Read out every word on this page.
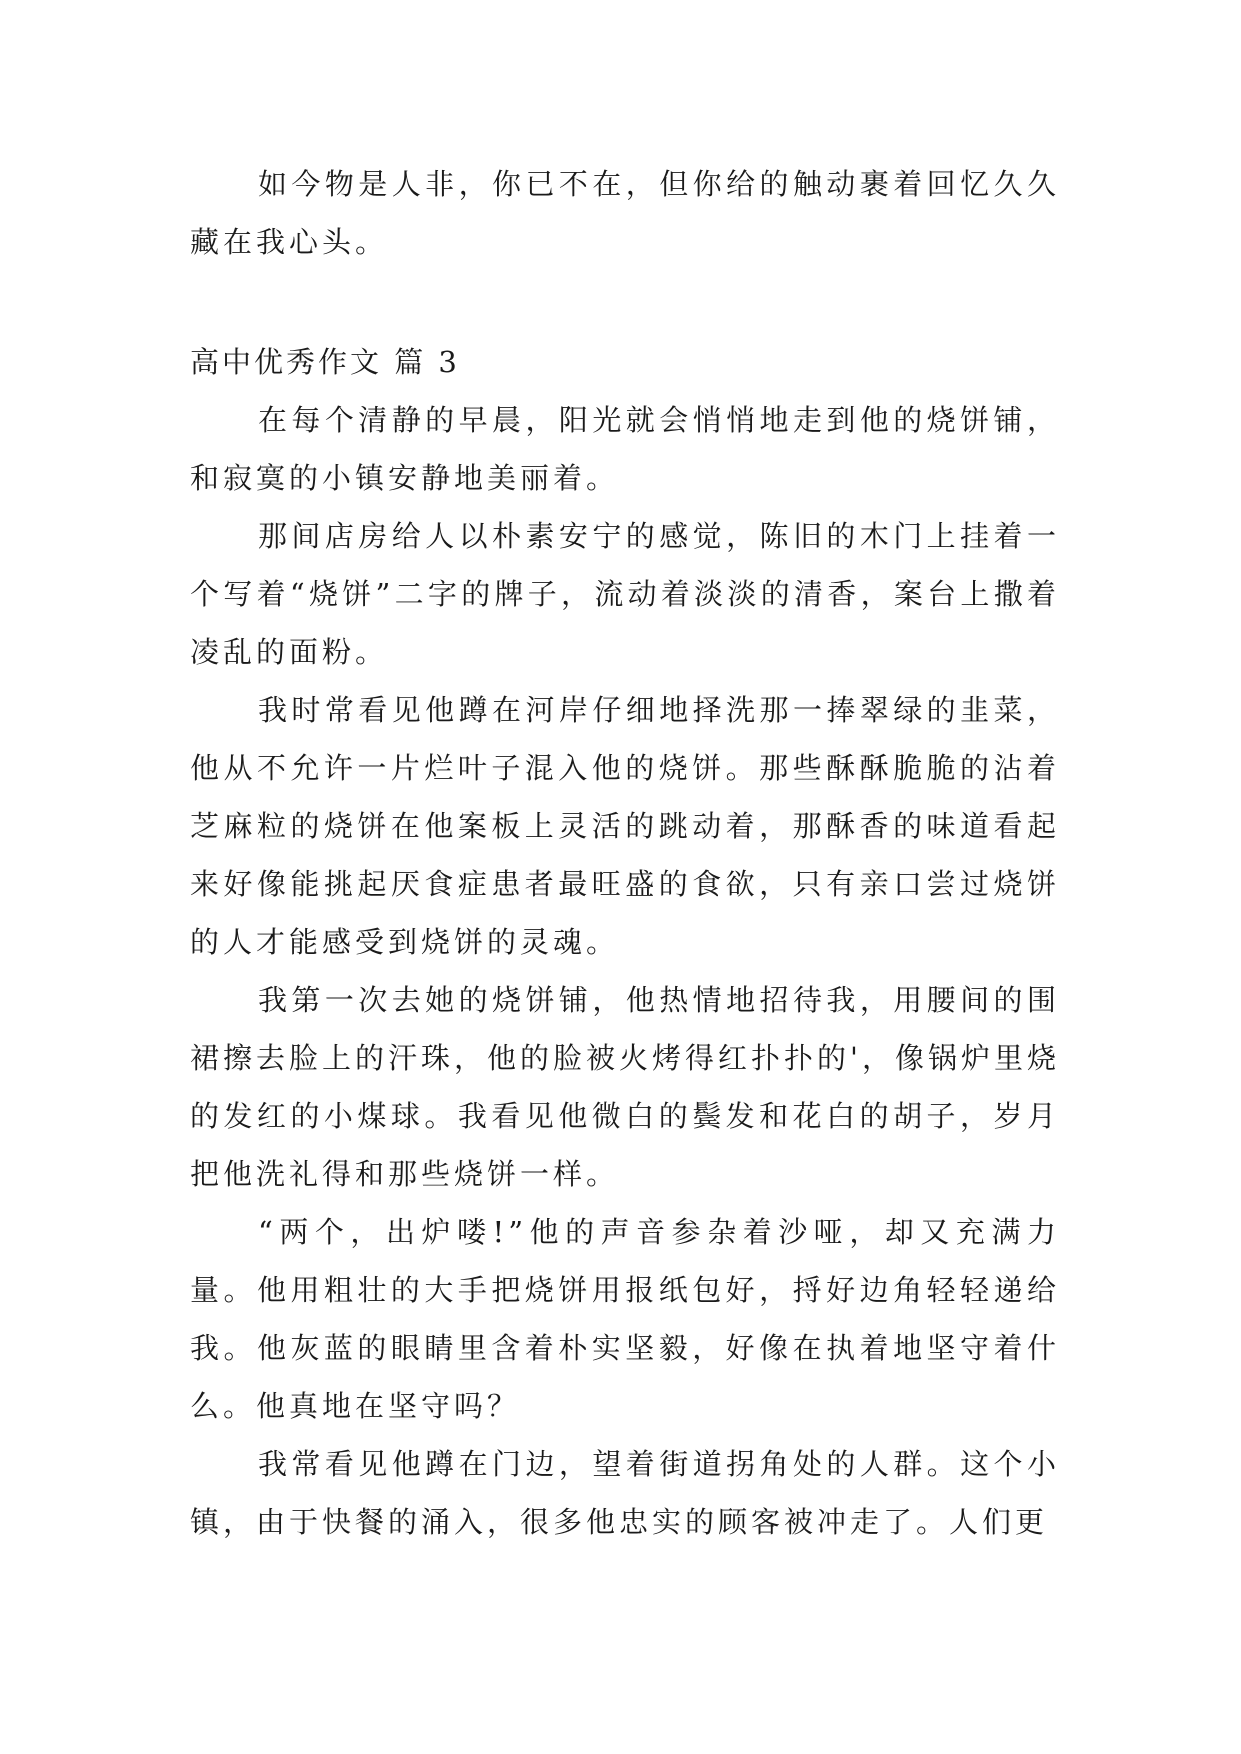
如今物是人非，你已不在，但你给的触动裹着回忆久久藏在我心头。

高中优秀作文 篇 3

在每个清静的早晨，阳光就会悄悄地走到他的烧饼铺，和寂寞的小镇安静地美丽着。

那间店房给人以朴素安宁的感觉，陈旧的木门上挂着一个写着“烧饼”二字的牌子，流动着淡淡的清香，案台上撒着凌乱的面粉。

我时常看见他蹲在河岸仔细地择洗那一捧翠绿的韭菜，他从不允许一片烂叶子混入他的烧饼。那些酥酥脆脆的沾着芝麻粒的烧饼在他案板上灵活的跳动着，那酥香的味道看起来好像能挑起厌食症患者最旺盛的食欲，只有亲口尝过烧饼的人才能感受到烧饼的灵魂。

我第一次去她的烧饼铺，他热情地招待我，用腰间的围裙擦去脸上的汗珠，他的脸被火烤得红扑扑的'，像锅炉里烧的发红的小煤球。我看见他微白的鬓发和花白的胡子，岁月把他洗礼得和那些烧饼一样。

“两个，出炉喽!”他的声音参杂着沙哑，却又充满力量。他用粗壮的大手把烧饼用报纸包好，捋好边角轻轻递给我。他灰蓝的眼睛里含着朴实坚毅，好像在执着地坚守着什么。他真地在坚守吗？

我常看见他蹲在门边，望着街道拐角处的人群。这个小镇，由于快餐的涌入，很多他忠实的顾客被冲走了。人们更
